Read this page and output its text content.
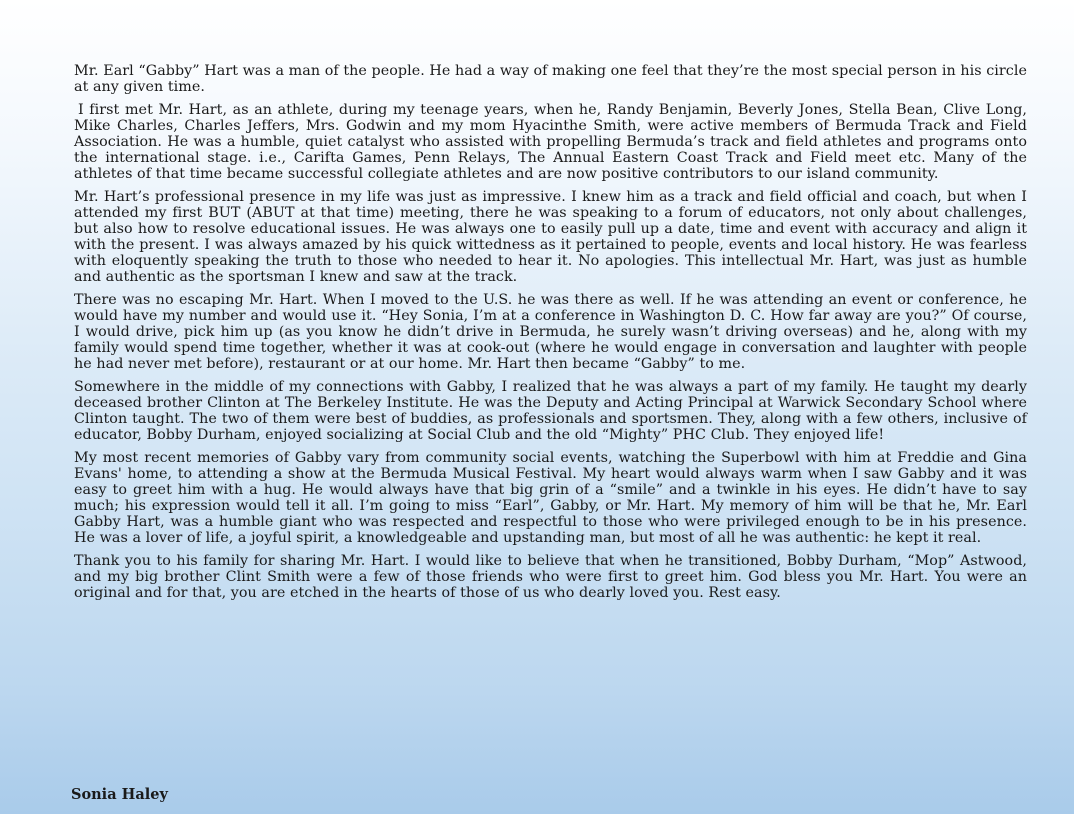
Mr. Earl “Gabby” Hart was a man of the people. He had a way of making one feel that they’re the most special person in his circle at any given time.

I first met Mr. Hart, as an athlete, during my teenage years, when he, Randy Benjamin, Beverly Jones, Stella Bean, Clive Long, Mike Charles, Charles Jeffers, Mrs. Godwin and my mom Hyacinthe Smith, were active members of Bermuda Track and Field Association. He was a humble, quiet catalyst who assisted with propelling Bermuda’s track and field athletes and programs onto the international stage. i.e., Carifta Games, Penn Relays, The Annual Eastern Coast Track and Field meet etc. Many of the athletes of that time became successful collegiate athletes and are now positive contributors to our island community.

Mr. Hart’s professional presence in my life was just as impressive. I knew him as a track and field official and coach, but when I attended my first BUT (ABUT at that time) meeting, there he was speaking to a forum of educators, not only about challenges, but also how to resolve educational issues. He was always one to easily pull up a date, time and event with accuracy and align it with the present. I was always amazed by his quick wittedness as it pertained to people, events and local history. He was fearless with eloquently speaking the truth to those who needed to hear it. No apologies. This intellectual Mr. Hart, was just as humble and authentic as the sportsman I knew and saw at the track.

There was no escaping Mr. Hart. When I moved to the U.S. he was there as well. If he was attending an event or conference, he would have my number and would use it. “Hey Sonia, I’m at a conference in Washington D. C. How far away are you?” Of course, I would drive, pick him up (as you know he didn’t drive in Bermuda, he surely wasn’t driving overseas) and he, along with my family would spend time together, whether it was at cook-out (where he would engage in conversation and laughter with people he had never met before), restaurant or at our home. Mr. Hart then became “Gabby” to me.

Somewhere in the middle of my connections with Gabby, I realized that he was always a part of my family. He taught my dearly deceased brother Clinton at The Berkeley Institute. He was the Deputy and Acting Principal at Warwick Secondary School where Clinton taught. The two of them were best of buddies, as professionals and sportsmen. They, along with a few others, inclusive of educator, Bobby Durham, enjoyed socializing at Social Club and the old “Mighty” PHC Club. They enjoyed life!

My most recent memories of Gabby vary from community social events, watching the Superbowl with him at Freddie and Gina Evans' home, to attending a show at the Bermuda Musical Festival. My heart would always warm when I saw Gabby and it was easy to greet him with a hug. He would always have that big grin of a “smile” and a twinkle in his eyes. He didn’t have to say much; his expression would tell it all. I’m going to miss “Earl”, Gabby, or Mr. Hart. My memory of him will be that he, Mr. Earl Gabby Hart, was a humble giant who was respected and respectful to those who were privileged enough to be in his presence. He was a lover of life, a joyful spirit, a knowledgeable and upstanding man, but most of all he was authentic: he kept it real.

Thank you to his family for sharing Mr. Hart. I would like to believe that when he transitioned, Bobby Durham, “Mop” Astwood, and my big brother Clint Smith were a few of those friends who were first to greet him. God bless you Mr. Hart. You were an original and for that, you are etched in the hearts of those of us who dearly loved you. Rest easy.

Sonia Haley
